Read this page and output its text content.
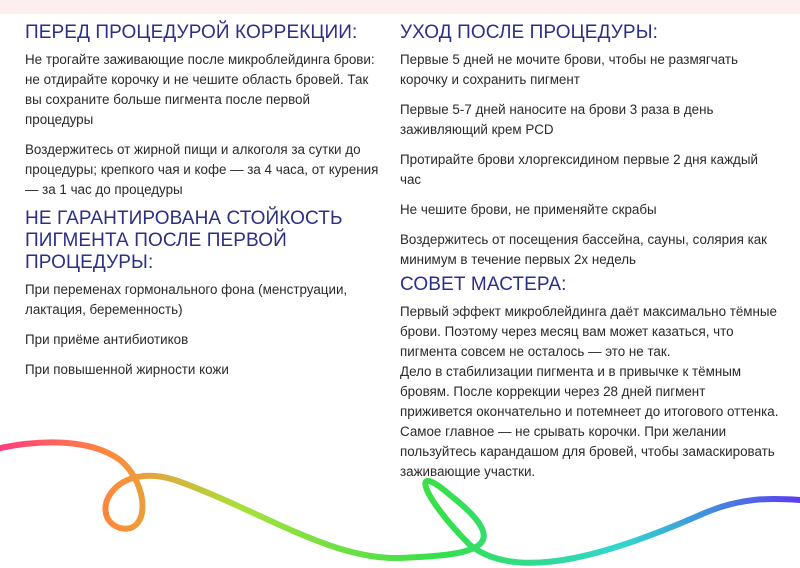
ПЕРЕД ПРОЦЕДУРОЙ КОРРЕКЦИИ:

Не трогайте заживающие после микроблейдинга брови: не отдирайте корочку и не чешите область бровей. Так вы сохраните больше пигмента после первой процедуры

Воздержитесь от жирной пищи и алкоголя за сутки до процедуры; крепкого чая и кофе — за 4 часа, от курения — за 1 час до процедуры

НЕ ГАРАНТИРОВАНА СТОЙКОСТЬ
ПИГМЕНТА ПОСЛЕ ПЕРВОЙ ПРОЦЕДУРЫ:

При переменах гормонального фона (менструации, лактация, беременность)

При приёме антибиотиков

При повышенной жирности кожи

УХОД ПОСЛЕ ПРОЦЕДУРЫ:

Первые 5 дней не мочите брови, чтобы не размягчать корочку и сохранить пигмент

Первые 5-7 дней наносите на брови 3 раза в день заживляющий крем PCD

Протирайте брови хлоргексидином первые 2 дня каждый час

Не чешите брови, не применяйте скрабы

Воздержитесь от посещения бассейна, сауны, солярия как минимум в течение первых 2х недель

СОВЕТ МАСТЕРА:

Первый эффект микроблейдинга даёт максимально тёмные брови. Поэтому через месяц вам может казаться, что пигмента совсем не осталось — это не так.

Дело в стабилизации пигмента и в привычке к тёмным бровям. После коррекции через 28 дней пигмент приживется окончательно и потемнеет до итогового оттенка. Самое главное — не срывать корочки. При желании пользуйтесь карандашом для бровей, чтобы замаскировать заживающие участки.
